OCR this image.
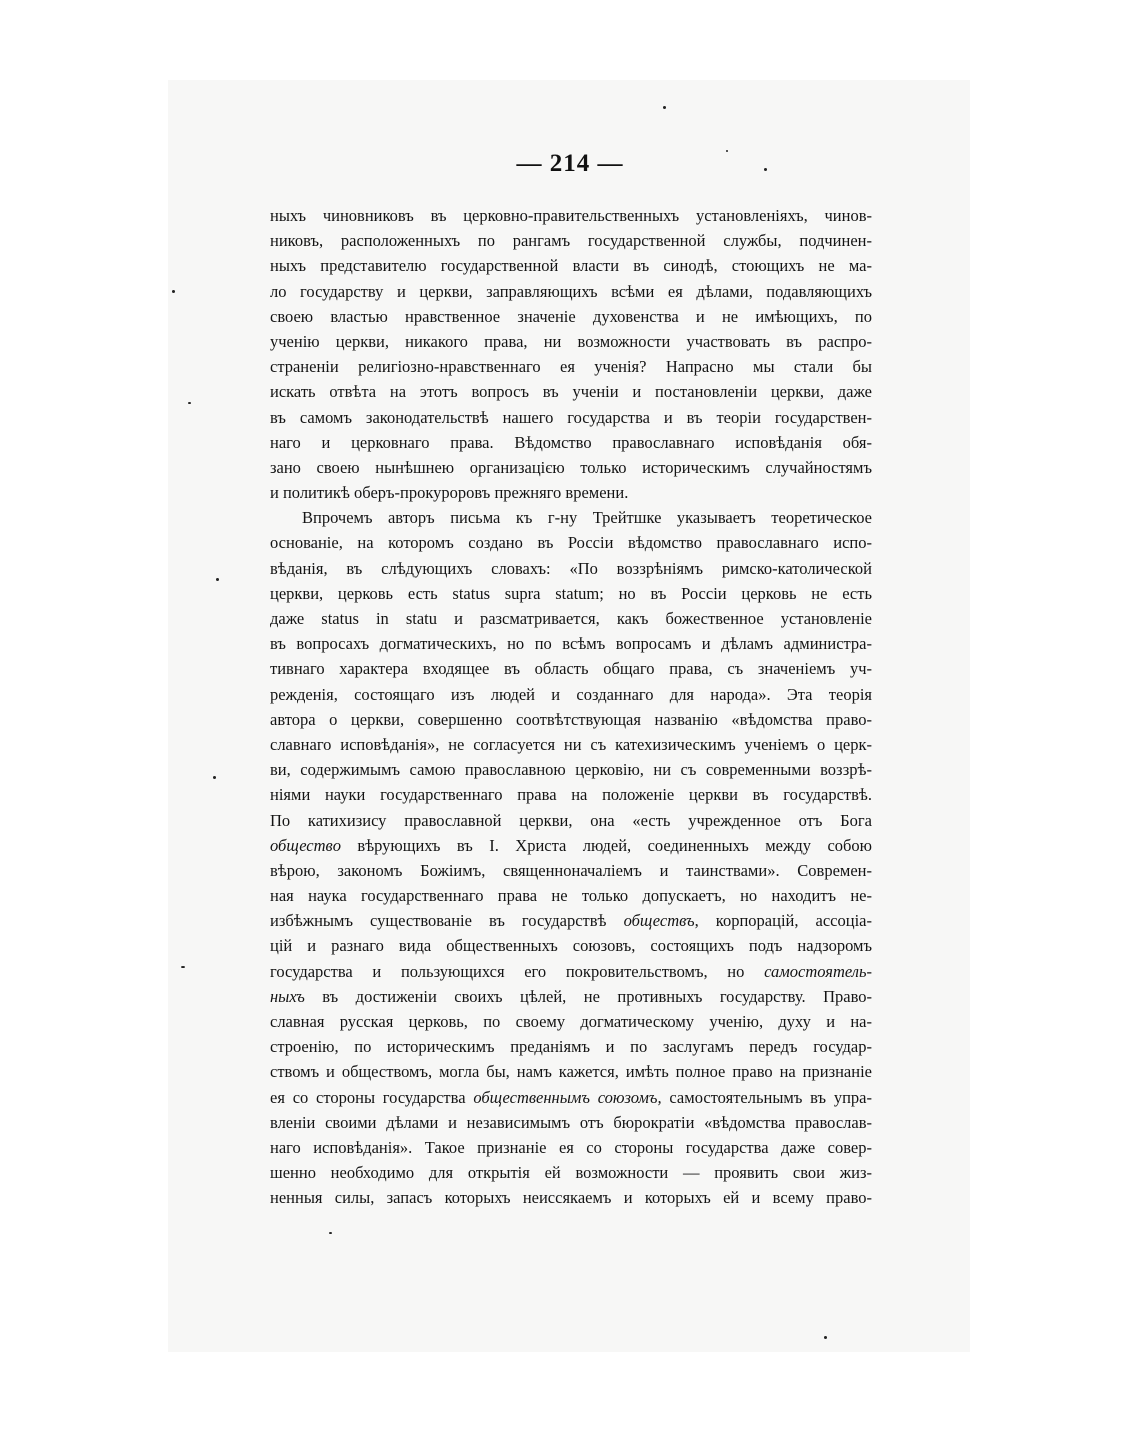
— 214 —
ныхъ чиновниковъ въ церковно-правительственныхъ установленіяхъ, чинов-
никовъ, расположенныхъ по рангамъ государственной службы, подчинен-
ныхъ представителю государственной власти въ синодѣ, стоющихъ не ма-
ло государству и церкви, заправляющихъ всѣми ея дѣлами, подавляющихъ
своею властью нравственное значеніе духовенства и не имѣющихъ, по
ученію церкви, никакого права, ни возможности участвовать въ распро-
страненіи религіозно-нравственнаго ея ученія? Напрасно мы стали бы
искать отвѣта на этотъ вопросъ въ ученіи и постановленіи церкви, даже
въ самомъ законодательствѣ нашего государства и въ теоріи государствен-
наго и церковнаго права. Вѣдомство православнаго исповѣданія обя-
зано своею нынѣшнею организацією только историческимъ случайностямъ
и политикѣ оберъ-прокуроровъ прежняго времени.
Впрочемъ авторъ письма къ г-ну Трейтшке указываетъ теоретическое
основаніе, на которомъ создано въ Россіи вѣдомство православнаго испо-
вѣданія, въ слѣдующихъ словахъ: «По воззрѣніямъ римско-католической
церкви, церковь есть status supra statum; но въ Россіи церковь не есть
даже status in statu и разсматривается, какъ божественное установленіе
въ вопросахъ догматическихъ, но по всѣмъ вопросамъ и дѣламъ администра-
тивнаго характера входящее въ область общаго права, съ значеніемъ уч-
режденія, состоящаго изъ людей и созданнаго для народа». Эта теорія
автора о церкви, совершенно соотвѣтствующая названію «вѣдомства право-
славнаго исповѣданія», не согласуется ни съ катехизическимъ ученіемъ о церк-
ви, содержимымъ самою православною церковію, ни съ современными воззрѣ-
ніями науки государственнаго права на положеніе церкви въ государствѣ.
По катихизису православной церкви, она «есть учрежденное отъ Бога
обществo вѣрующихъ въ І. Христа людей, соединенныхъ между собою
вѣрою, закономъ Божіимъ, священноначаліемъ и таинствами». Современ-
ная наука государственнаго права не только допускаетъ, но находитъ не-
избѣжнымъ существованіе въ государствѣ обществъ, корпорацій, ассоціа-
цій и разнаго вида общественныхъ союзовъ, состоящихъ подъ надзоромъ
государства и пользующихся его покровительствомъ, но самостоятель-
ныхъ въ достиженіи своихъ цѣлей, не противныхъ государству. Право-
славная русская церковь, по своему догматическому ученію, духу и на-
строенію, по историческимъ преданіямъ и по заслугамъ передъ государ-
ствомъ и обществомъ, могла бы, намъ кажется, имѣть полное право на признаніе
ея со стороны государства общественнымъ союзомъ, самостоятельнымъ въ упра-
вленіи своими дѣлами и независимымъ отъ бюрократіи «вѣдомства православ-
наго исповѣданія». Такое признаніе ея со стороны государства даже совер-
шенно необходимо для открытія ей возможности — проявить свои жиз-
ненныя силы, запасъ которыхъ неиссякаемъ и которыхъ ей и всему право-
